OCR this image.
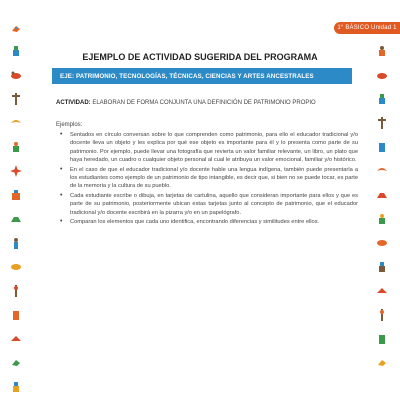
1° BÁSICO Unidad 1
EJEMPLO DE ACTIVIDAD SUGERIDA DEL PROGRAMA
EJE: PATRIMONIO, TECNOLOGÍAS, TÉCNICAS, CIENCIAS Y ARTES ANCESTRALES
ACTIVIDAD: ELABORAN DE FORMA CONJUNTA UNA DEFINICIÓN DE PATRIMONIO PROPIO
Ejemplos:
• Sentados en círculo conversan sobre lo que comprenden como patrimonio, para ello el educador tradicional y/o docente lleva un objeto y les explica por qué ese objeto es importante para él y lo presenta como parte de su patrimonio. Por ejemplo, puede llevar una fotografía que revierta un valor familiar relevante, un libro, un plato que haya heredado, un cuadro o cualquier objeto personal al cual le atribuya un valor emocional, familiar y/o histórico.
• En el caso de que el educador tradicional y/o docente hable una lengua indígena, también puede presentarla a los estudiantes como ejemplo de un patrimonio de tipo intangible, es decir que, si bien no se puede tocar, es parte de la memoria y la cultura de su pueblo.
• Cada estudiante escribe o dibuja, en tarjetas de cartulina, aquello que consideran importante para ellos y que es parte de su patrimonio, posteriormente ubican estas tarjetas junto al concepto de patrimonio, que el educador tradicional y/o docente escribirá en la pizarra y/o en un papelógrafo.
• Comparan los elementos que cada uno identifica, encontrando diferencias y similitudes entre ellos.
